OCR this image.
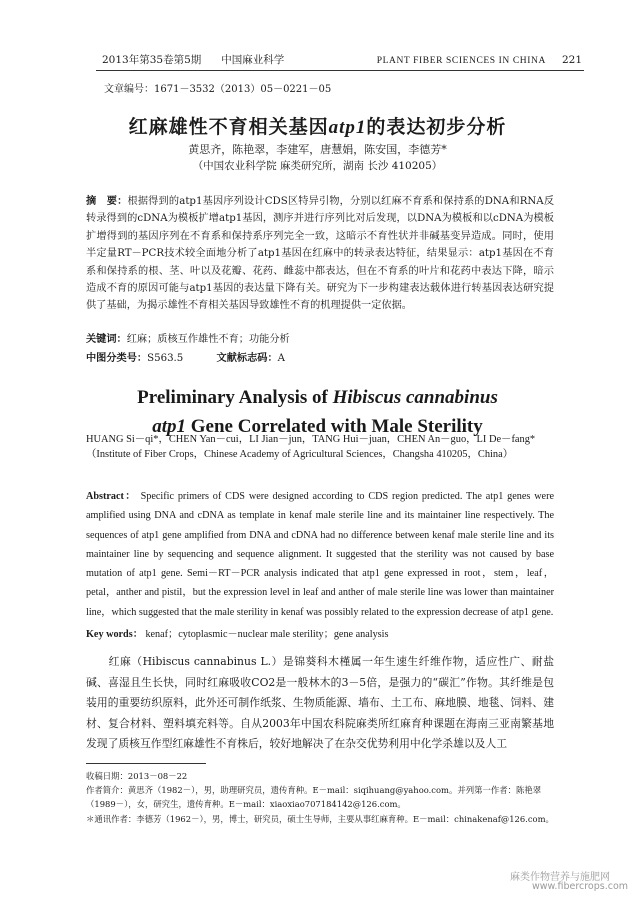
2013年第35卷第5期 中国麻业科学	PLANT FIBER SCIENCES IN CHINA 221
文章编号：1671－3532（2013）05－0221－05
红麻雄性不育相关基因atp1的表达初步分析
黄思齐，陈艳翠，李建军，唐慧娟，陈安国，李德芳*
（中国农业科学院 麻类研究所，湖南 长沙 410205）
摘　要：根据得到的atp1基因序列设计CDS区特异引物，分别以红麻不育系和保持系的DNA和RNA反转录得到的cDNA为模板扩增atp1基因，测序并进行序列比对后发现，以DNA为模板和以cDNA为模板扩增得到的基因序列在不育系和保持系序列完全一致，这暗示不育性状并非碱基变异造成。同时，使用半定量RT－PCR技术较全面地分析了atp1基因在红麻中的转录表达特征，结果显示：atp1基因在不育系和保持系的根、茎、叶以及花瓣、花药、雌蕊中都表达，但在不育系的叶片和花药中表达下降，暗示造成不育的原因可能与atp1基因的表达量下降有关。研究为下一步构建表达载体进行转基因表达研究提供了基础，为揭示雄性不育相关基因导致雄性不育的机理提供一定依据。
关键词：红麻；质核互作雄性不育；功能分析
中图分类号：S563.5	文献标志码：A
Preliminary Analysis of Hibiscus cannabinus
atp1 Gene Correlated with Male Sterility
HUANG Si－qi*，CHEN Yan－cui，LI Jian－jun，TANG Hui－juan，CHEN An－guo，LI De－fang*
（Institute of Fiber Crops，Chinese Academy of Agricultural Sciences，Changsha 410205，China）
Abstract： Specific primers of CDS were designed according to CDS region predicted. The atp1 genes were amplified using DNA and cDNA as template in kenaf male sterile line and its maintainer line respectively. The sequences of atp1 gene amplified from DNA and cDNA had no difference between kenaf male sterile line and its maintainer line by sequencing and sequence alignment. It suggested that the sterility was not caused by base mutation of atp1 gene. Semi－RT－PCR analysis indicated that atp1 gene expressed in root，stem，leaf，petal，anther and pistil，but the expression level in leaf and anther of male sterile line was lower than maintainer line，which suggested that the male sterility in kenaf was possibly related to the expression decrease of atp1 gene.
Key words： kenaf；cytoplasmic－nuclear male sterility；gene analysis
　　红麻（Hibiscus cannabinus L.）是锦葵科木槿属一年生速生纤维作物，适应性广、耐盐碱、喜湿且生长快，同时红麻吸收CO2是一般林木的3－5倍，是强力的“碳汇”作物。其纤维是包装用的重要纺织原料，此外还可制作纸浆、生物质能源、墙布、土工布、麻地膜、地毯、饲料、建材、复合材料、塑料填充料等。自从2003年中国农科院麻类所红麻育种课题在海南三亚南繁基地发现了质核互作型红麻雄性不育株后，较好地解决了在杂交优势利用中化学杀雄以及人工
收稿日期：2013－08－22
作者简介：黄思齐（1982－），男，助理研究员，遗传育种。E－mail：siqihuang@yahoo.com。并列第一作者：陈艳翠（1989－），女，研究生，遗传育种。E－mail：xiaoxiao707184142@126.com。
＊通讯作者：李德芳（1962－），男，博士，研究员，硕士生导师，主要从事红麻育种。E－mail：chinakenaf@126.com。
麻类作物营养与施肥网
www.fibercrops.com
